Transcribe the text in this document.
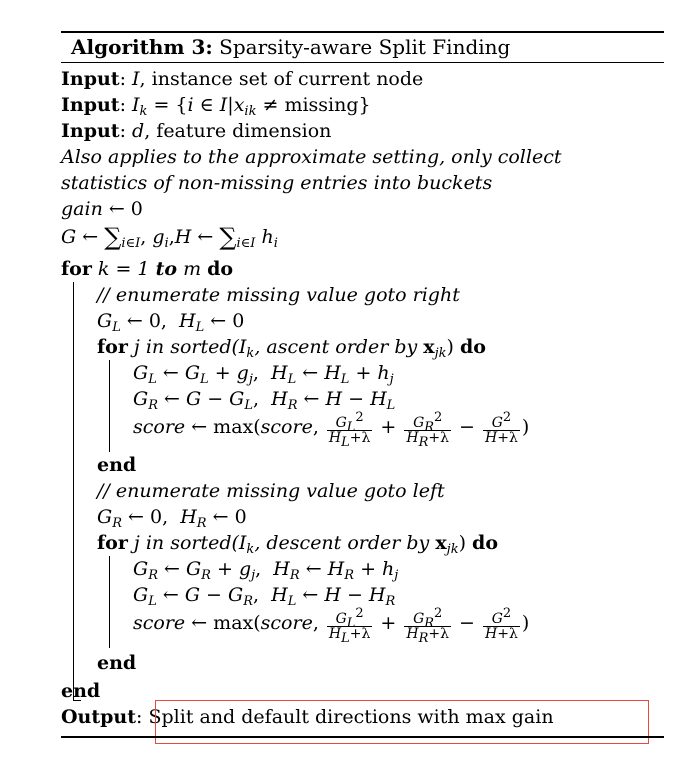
Algorithm 3: Sparsity-aware Split Finding
Input: I, instance set of current node
Input: $I_k = \{i$ ∈ $I|x_{ik} \ne missing$}
Input: d, feature dimension
Also applies to the approximate setting, only collect
statistics of non-missing entries into buckets
gain ← 0
G ← $\sum_{i\in I}$, $g_i,H$ ← $\sum_{i\in I}$ $h_i$
for k = 1 to m do
// enumerate missing value goto right
$G_L$ ← 0,  $H_L$ ← 0
for j in $sorted(I_k$, ascent order by $x_{jk}$) do
$G_L$ ← $G_L + g_j$,  $H_L$ ← $H_L + h_j$
$G_R$ ← $G - G_L$,  $H_R$ ← $H - H_L$
score ← max(score, $\frac{G_L^2}{H_L+\lambda} + \frac{G_R^2}{H_R+\lambda} - \frac{G^2}{H+\lambda}$ )
end
// enumerate missing value goto left
$G_R$ ← 0,  $H_R$ ← 0
for j in $sorted(I_k$, descent order by $x_{jk}$) do
$G_R$ ← $G_R + g_j$,  $H_R$ ← $H_R + h_j$
$G_L$ ← $G - G_R$,  $H_L$ ← $H - H_R$
score ← max(score, $\frac{G_L^2}{H_L+\lambda} + \frac{G_R^2}{H_R+\lambda} - \frac{G^2}{H+\lambda}$ )
end
end
Output: Split and default directions with max gain
